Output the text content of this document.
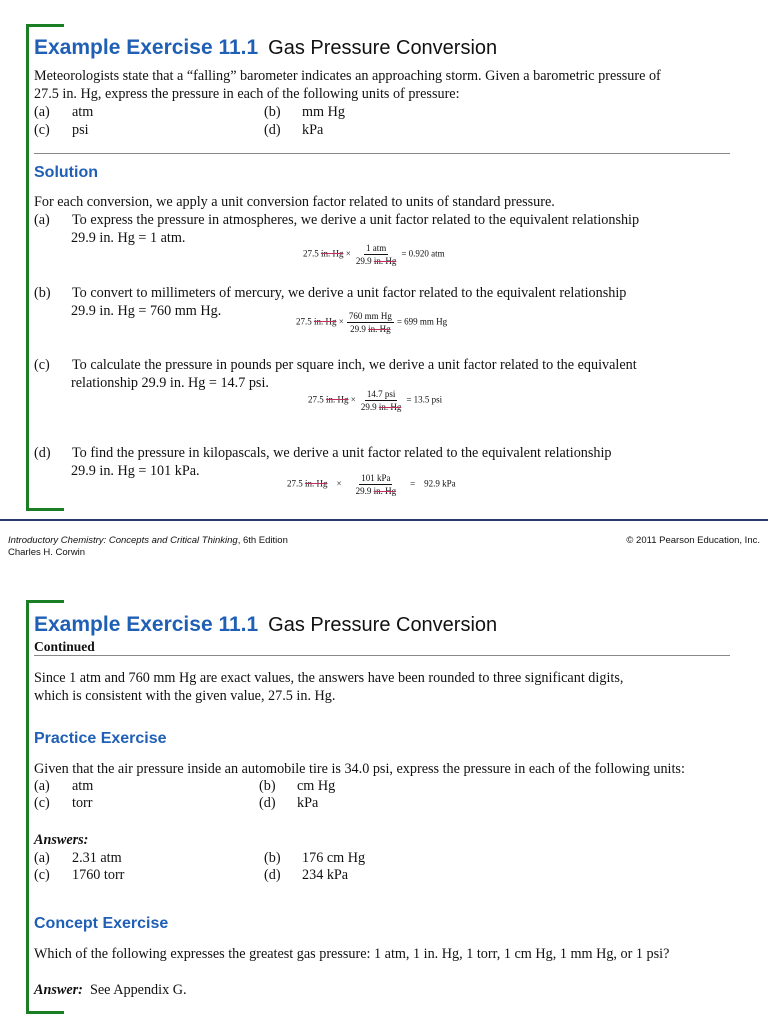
Example Exercise 11.1 Gas Pressure Conversion
Meteorologists state that a “falling” barometer indicates an approaching storm. Given a barometric pressure of
27.5 in. Hg, express the pressure in each of the following units of pressure:
(a) atm	(b) mm Hg
(c) psi	(d) kPa
Solution
For each conversion, we apply a unit conversion factor related to units of standard pressure.
(a) To express the pressure in atmospheres, we derive a unit factor related to the equivalent relationship
29.9 in. Hg = 1 atm.
27.5 in. $Hg \times \frac{\text{1 atm}}{29.9 in. Hg} = 0.920$ atm
(b) To convert to millimeters of mercury, we derive a unit factor related to the equivalent relationship
29.9 in. Hg = 760 mm Hg.
27.5 in. $Hg \times \frac{\text{760 mm Hg}}{29.9 in. Hg} = 699$ mm Hg
(c) To calculate the pressure in pounds per square inch, we derive a unit factor related to the equivalent
relationship 29.9 in. Hg = 14.7 psi.
27.5 in. $Hg \times \frac{\text{14.7 psi}}{29.9 in. Hg} = 13.5$ psi
(d) To find the pressure in kilopascals, we derive a unit factor related to the equivalent relationship
29.9 in. Hg = 101 kPa.
27.5 in. $Hg \times \frac{\text{101 kPa}}{29.9 in. Hg} = 92.9$ kPa
Introductory Chemistry: Concepts and Critical Thinking, 6th Edition
Charles H. Corwin
© 2011 Pearson Education, Inc.
Example Exercise 11.1 Gas Pressure Conversion
Continued
Since 1 atm and 760 mm Hg are exact values, the answers have been rounded to three significant digits,
which is consistent with the given value, 27.5 in. Hg.
Practice Exercise
Given that the air pressure inside an automobile tire is 34.0 psi, express the pressure in each of the following units:
(a) atm	(b) cm Hg
(c) torr	(d) kPa
Answers:
(a) 2.31 atm	(b) 176 cm Hg
(c) 1760 torr	(d) 234 kPa
Concept Exercise
Which of the following expresses the greatest gas pressure: 1 atm, 1 in. Hg, 1 torr, 1 cm Hg, 1 mm Hg, or 1 psi?
Answer: See Appendix G.
